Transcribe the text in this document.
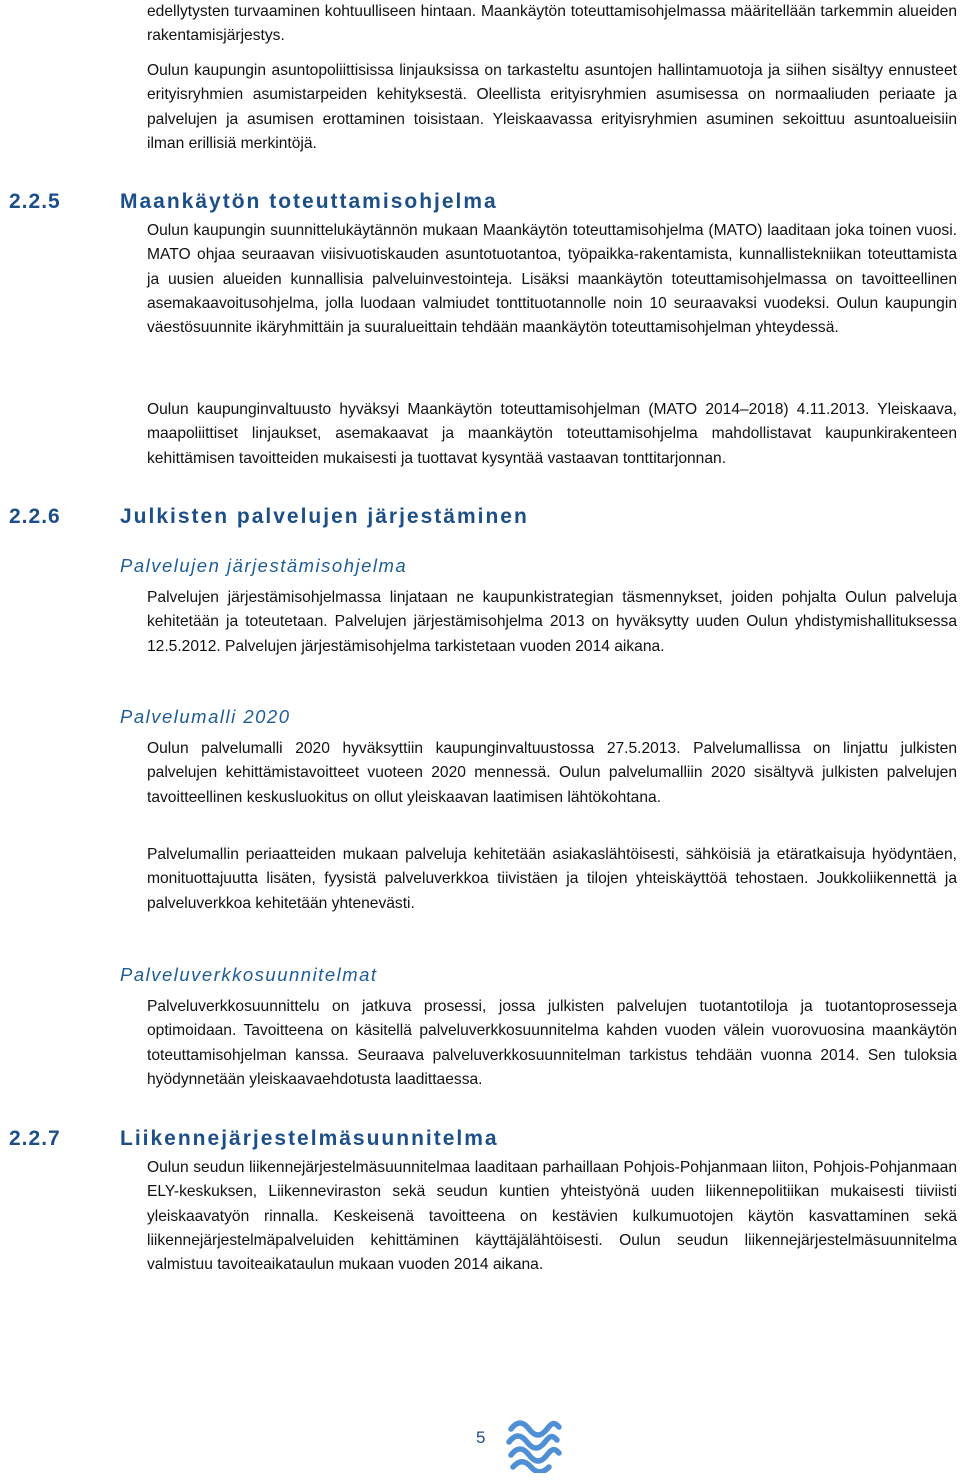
edellytysten turvaaminen kohtuulliseen hintaan. Maankäytön toteuttamisohjelmassa määritellään tarkemmin alueiden rakentamisjärjestys.

Oulun kaupungin asuntopoliittisissa linjauksissa on tarkasteltu asuntojen hallintamuotoja ja siihen sisältyy ennusteet erityisryhmien asumistarpeiden kehityksestä. Oleellista erityisryhmien asumisessa on normaaliuden periaate ja palvelujen ja asumisen erottaminen toisistaan. Yleiskaavassa erityisryhmien asuminen sekoittuu asuntoalueisiin ilman erillisiä merkintöjä.

2.2.5	Maankäytön toteuttamisohjelma

Oulun kaupungin suunnittelukäytännön mukaan Maankäytön toteuttamisohjelma (MATO) laaditaan joka toinen vuosi. MATO ohjaa seuraavan viisivuotiskauden asuntotuotantoa, työpaikka-rakentamista, kunnallistekniikan toteuttamista ja uusien alueiden kunnallisia palveluinvestointeja. Lisäksi maankäytön toteuttamisohjelmassa on tavoitteellinen asemakaavoitusohjelma, jolla luodaan valmiudet tonttituotannolle noin 10 seuraavaksi vuodeksi. Oulun kaupungin väestösuunnite ikäryhmittäin ja suuralueittain tehdään maankäytön toteuttamisohjelman yhteydessä.

Oulun kaupunginvaltuusto hyväksyi Maankäytön toteuttamisohjelman (MATO 2014–2018) 4.11.2013. Yleiskaava, maapoliittiset linjaukset, asemakaavat ja maankäytön toteuttamisohjelma mahdollistavat kaupunkirakenteen kehittämisen tavoitteiden mukaisesti ja tuottavat kysyntää vastaavan tonttitarjonnan.

2.2.6	Julkisten palvelujen järjestäminen
Palvelujen järjestämisohjelma

Palvelujen järjestämisohjelmassa linjataan ne kaupunkistrategian täsmennykset, joiden pohjalta Oulun palveluja kehitetään ja toteutetaan. Palvelujen järjestämisohjelma 2013 on hyväksytty uuden Oulun yhdistymishallituksessa 12.5.2012. Palvelujen järjestämisohjelma tarkistetaan vuoden 2014 aikana.

Palvelumalli 2020

Oulun palvelumalli 2020 hyväksyttiin kaupunginvaltuustossa 27.5.2013. Palvelumallissa on linjattu julkisten palvelujen kehittämistavoitteet vuoteen 2020 mennessä. Oulun palvelumalliin 2020 sisältyvä julkisten palvelujen tavoitteellinen keskusluokitus on ollut yleiskaavan laatimisen lähtökohtana.

Palvelumallin periaatteiden mukaan palveluja kehitetään asiakaslähtöisesti, sähköisiä ja etäratkaisuja hyödyntäen, monituottajuutta lisäten, fyysistä palveluverkkoa tiivistäen ja tilojen yhteiskäyttöä tehostaen. Joukkoliikennettä ja palveluverkkoa kehitetään yhtenevästi.

Palveluverkkosuunnitelmat

Palveluverkkosuunnittelu on jatkuva prosessi, jossa julkisten palvelujen tuotantotiloja ja tuotantoprosesseja optimoidaan. Tavoitteena on käsitellä palveluverkkosuunnitelma kahden vuoden välein vuorovuosina maankäytön toteuttamisohjelman kanssa. Seuraava palveluverkkosuunnitelman tarkistus tehdään vuonna 2014. Sen tuloksia hyödynnetään yleiskaavaehdotusta laadittaessa.

2.2.7	Liikennejärjestelmäsuunnitelma

Oulun seudun liikennejärjestelmäsuunnitelmaa laaditaan parhaillaan Pohjois-Pohjanmaan liiton, Pohjois-Pohjanmaan ELY-keskuksen, Liikenneviraston sekä seudun kuntien yhteistyönä uuden liikennepolitiikan mukaisesti tiiviisti yleiskaavatyön rinnalla. Keskeisenä tavoitteena on kestävien kulkumuotojen käytön kasvattaminen sekä liikennejärjestelmäpalveluiden kehittäminen käyttäjälähtöisesti. Oulun seudun liikennejärjestelmäsuunnitelma valmistuu tavoiteaikataulun mukaan vuoden 2014 aikana.

5
